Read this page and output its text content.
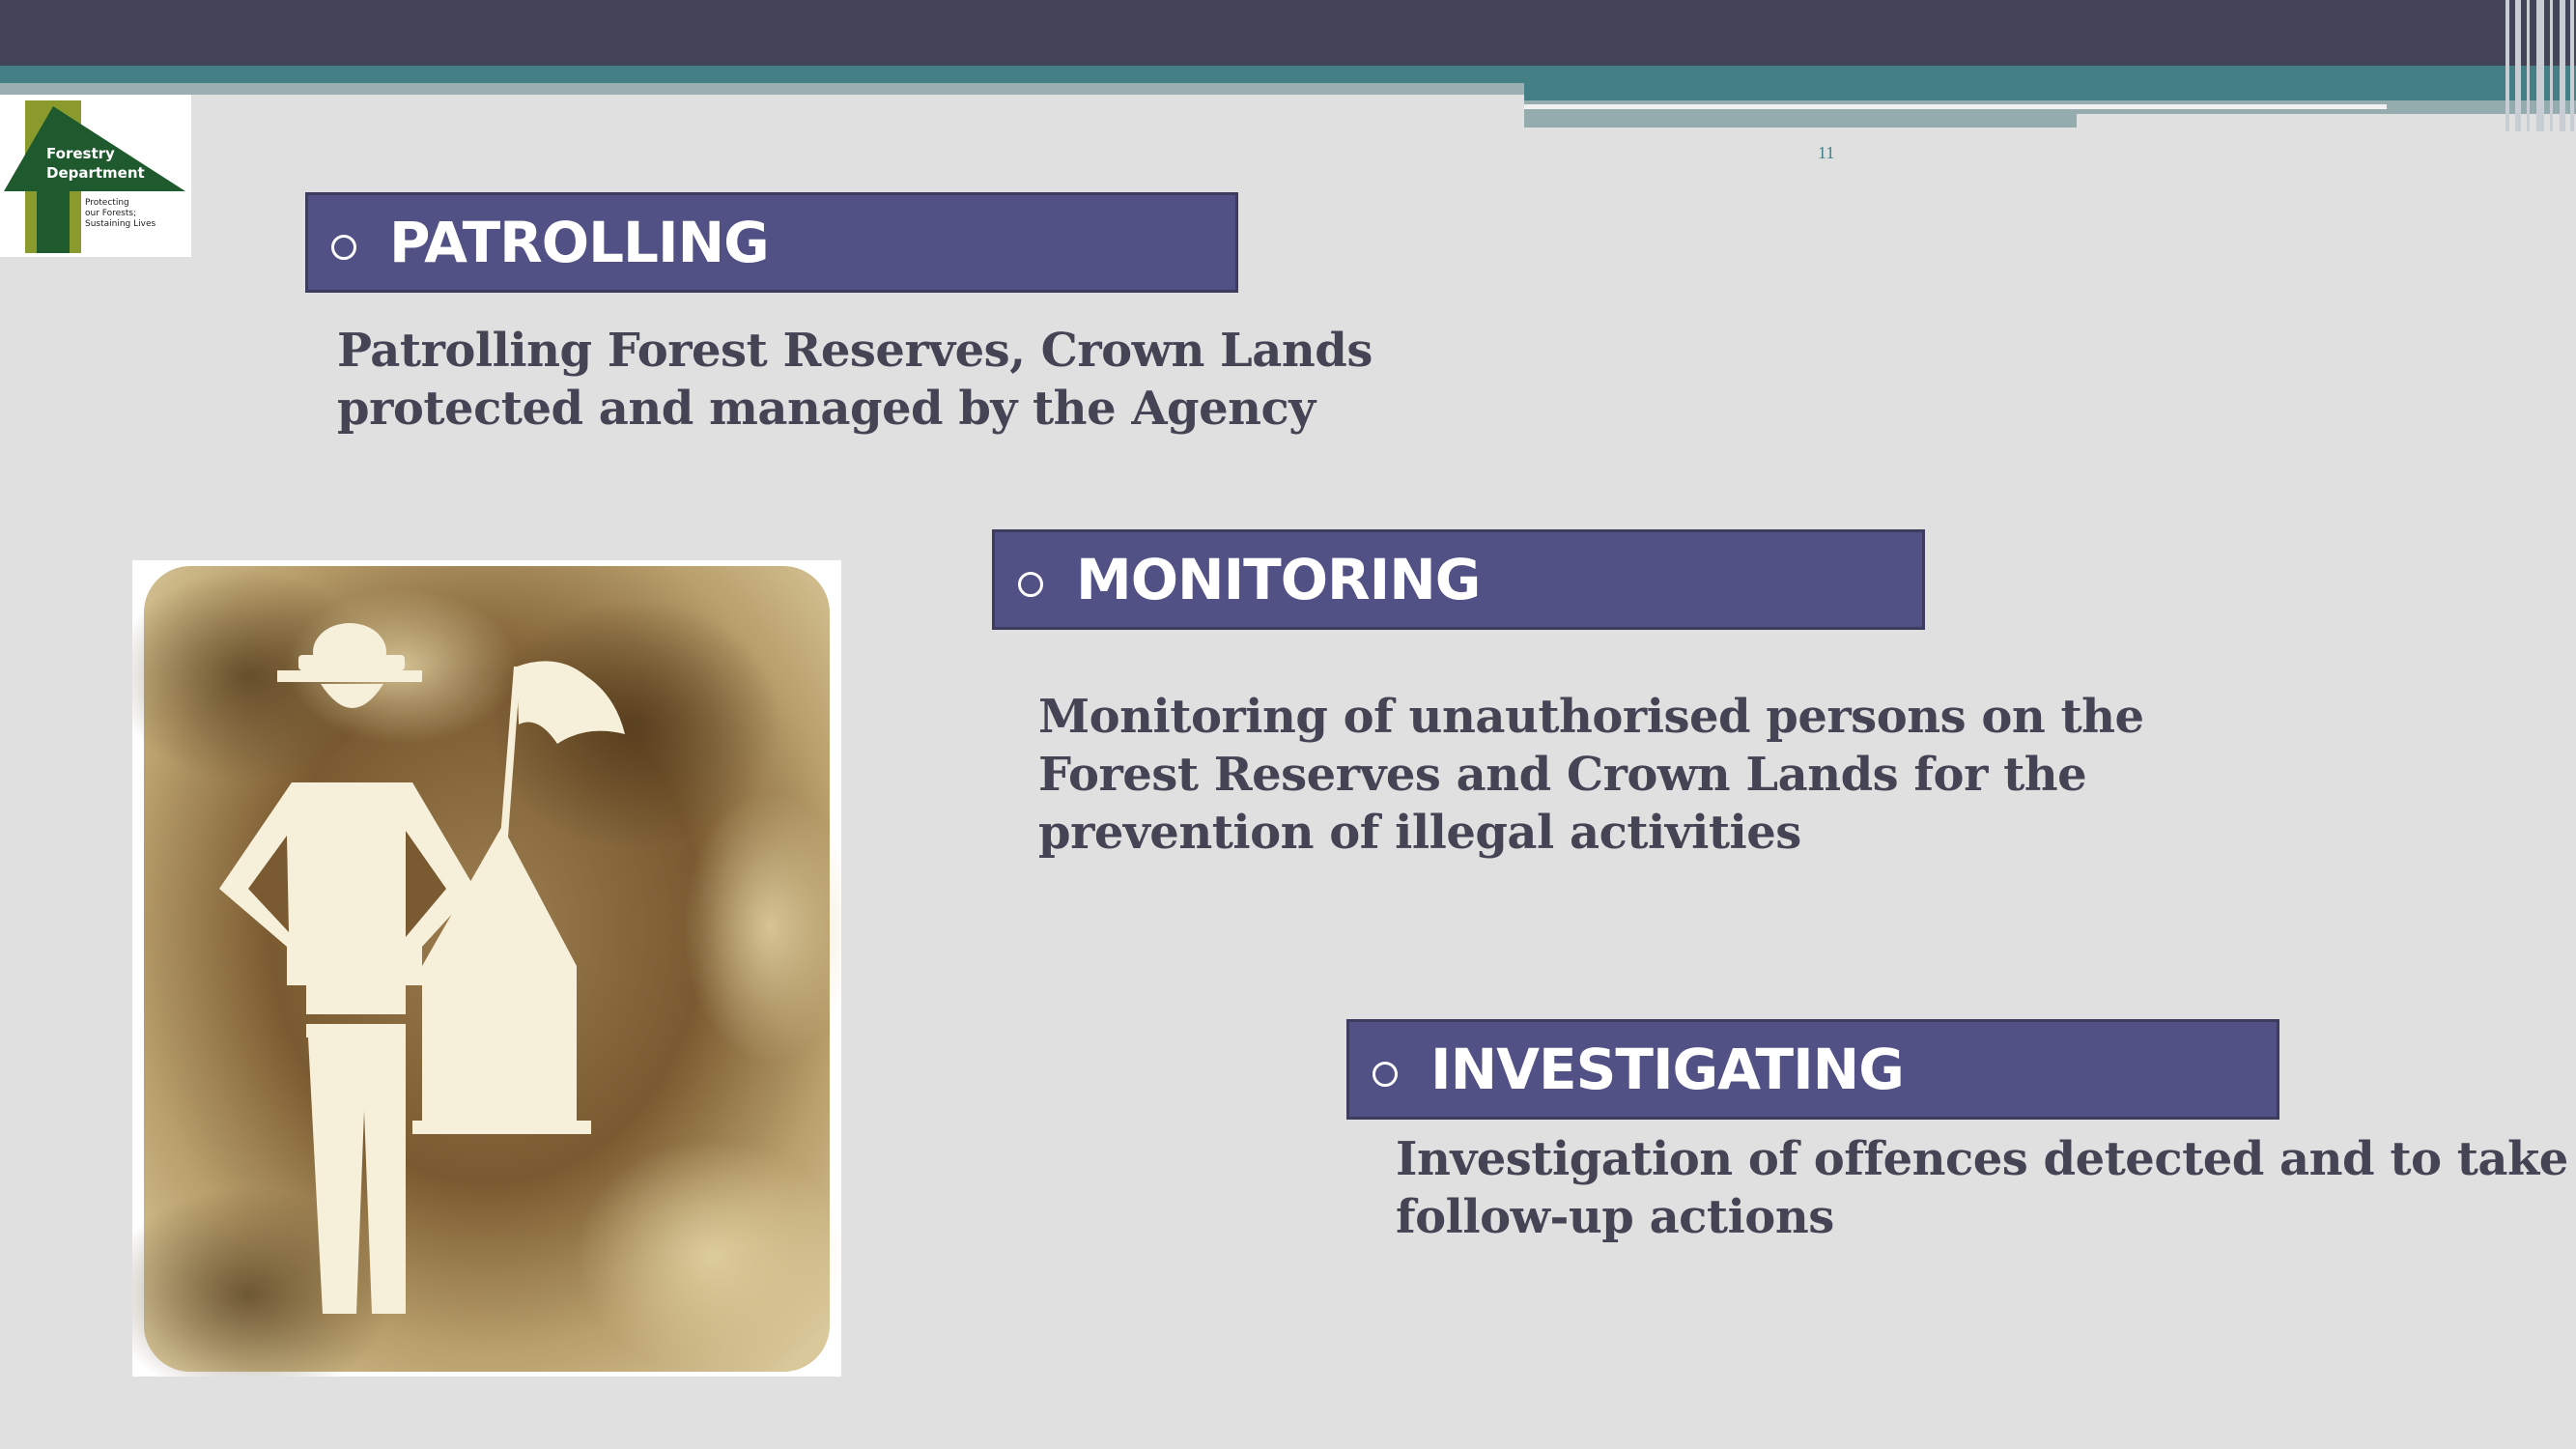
11
Forestry
Department
Protecting
our Forests;
Sustaining Lives	PATROLLING
Patrolling Forest Reserves, Crown Lands
protected and managed by the Agency
MONITORING
Monitoring of unauthorised persons on the
Forest Reserves and Crown Lands for the
prevention of illegal activities
INVESTIGATING
Investigation of offences detected and to take
follow-up actions
